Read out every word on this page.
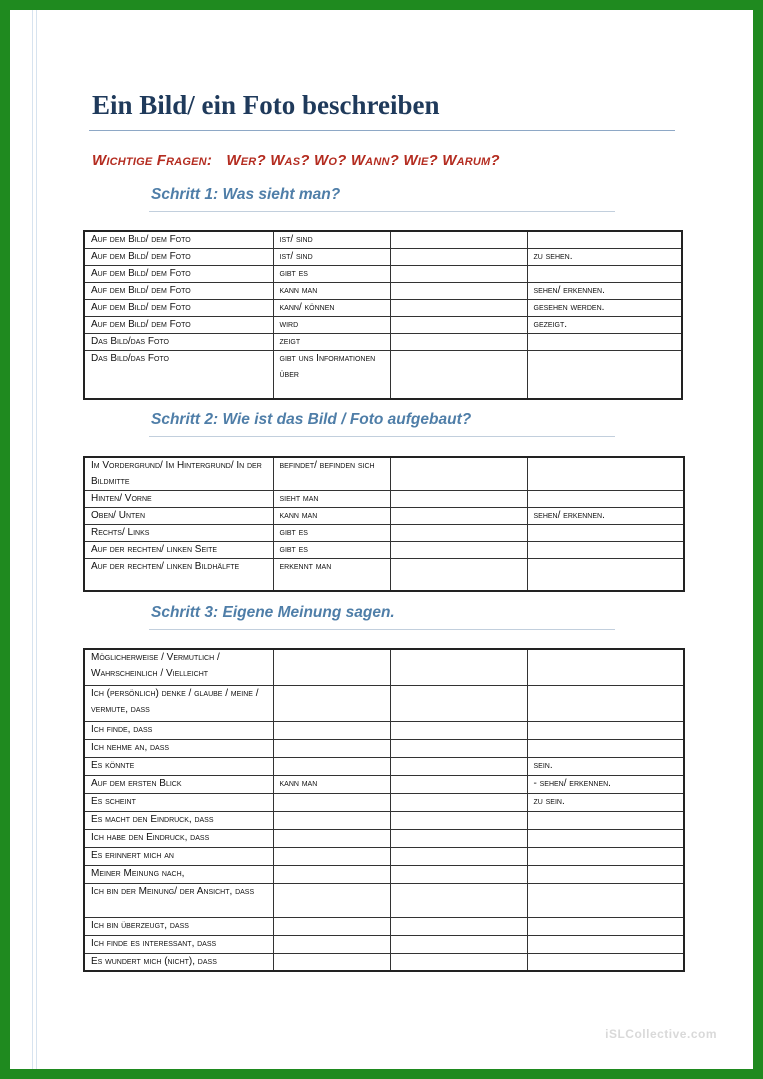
Ein Bild/ ein Foto beschreiben
Wichtige Fragen: Wer? Was? Wo? Wann? Wie? Warum?
Schritt 1: Was sieht man?
Auf dem Bild/ dem Foto	ist/ sind		
Auf dem Bild/ dem Foto	ist/ sind		zu sehen.
Auf dem Bild/ dem Foto	gibt es		
Auf dem Bild/ dem Foto	kann man		sehen/ erkennen.
Auf dem Bild/ dem Foto	kann/ können		gesehen werden.
Auf dem Bild/ dem Foto	wird		gezeigt.
Das Bild/das Foto	zeigt		
Das Bild/das Foto	gibt uns Informationen über		
Schritt 2: Wie ist das Bild / Foto aufgebaut?
Im Vordergrund/ Im Hintergrund/ In der Bildmitte	befindet/ befinden sich		
Hinten/ Vorne	sieht man		
Oben/ Unten	kann man		sehen/ erkennen.
Rechts/ Links	gibt es		
Auf der rechten/ linken Seite	gibt es		
Auf der rechten/ linken Bildhälfte	erkennt man		
Schritt 3: Eigene Meinung sagen.
Möglicherweise / Vermutlich / Wahrscheinlich / Vielleicht			
Ich (persönlich) denke / glaube / meine / vermute, dass			
Ich finde, dass			
Ich nehme an, dass			
Es könnte			sein.
Auf dem ersten Blick	kann man		- sehen/ erkennen.
Es scheint			zu sein.
Es macht den Eindruck, dass			
Ich habe den Eindruck, dass			
Es erinnert mich an			
Meiner Meinung nach,			
Ich bin der Meinung/ der Ansicht, dass			
Ich bin überzeugt, dass			
Ich finde es interessant, dass			
Es wundert mich (nicht), dass			
iSLCollective.com
